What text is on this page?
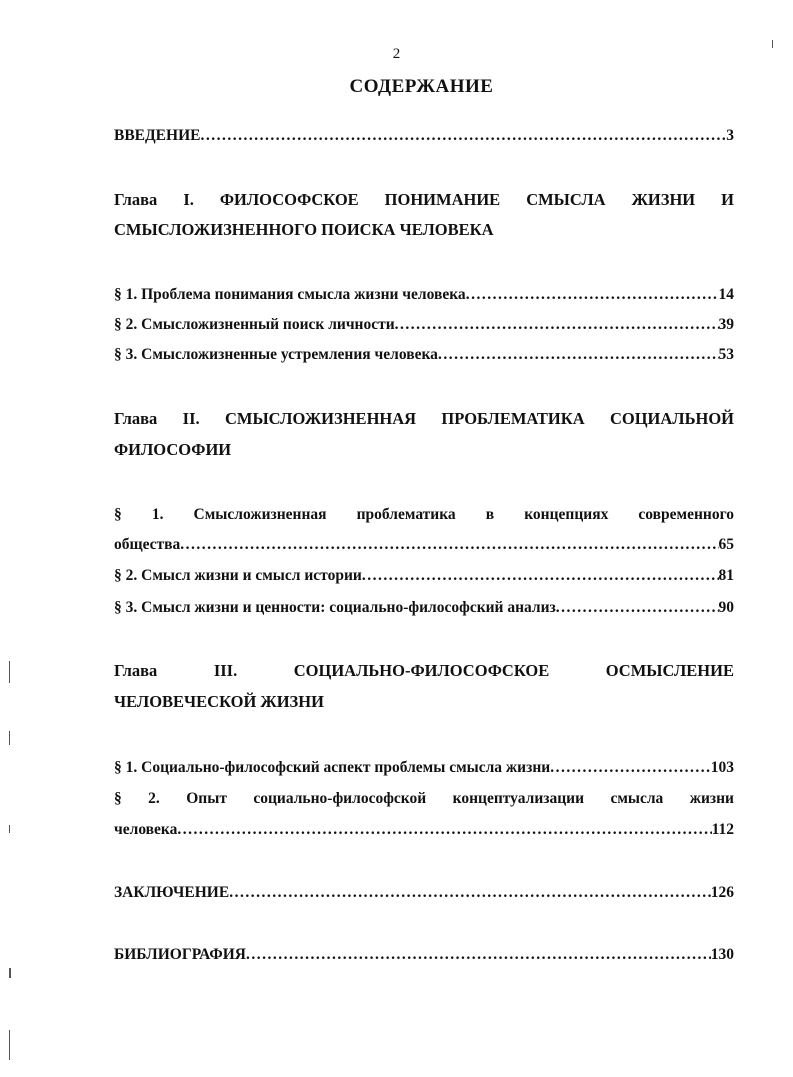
2
СОДЕРЖАНИЕ
ВВЕДЕНИЕ .....	3
Глава I. ФИЛОСОФСКОЕ ПОНИМАНИЕ СМЫСЛА ЖИЗНИ И
СМЫСЛОЖИЗНЕННОГО ПОИСКА ЧЕЛОВЕКА
§ 1. Проблема понимания смысла жизни человека .....	14
§ 2. Смысложизненный поиск личности .....	39
§ 3. Смысложизненные устремления человека .....	53
Глава II. СМЫСЛОЖИЗНЕННАЯ ПРОБЛЕМАТИКА СОЦИАЛЬНОЙ
ФИЛОСОФИИ
§ 1. Смысложизненная проблематика в концепциях современного
общества .....	65
§ 2. Смысл жизни и смысл истории .....	81
§ 3. Смысл жизни и ценности: социально-философский анализ .....	90
Глава	III.	СОЦИАЛЬНО-ФИЛОСОФСКОЕ	ОСМЫСЛЕНИЕ
ЧЕЛОВЕЧЕСКОЙ ЖИЗНИ
§ 1. Социально-философский аспект проблемы смысла жизни .....	103
§ 2. Опыт социально-философской концептуализации смысла жизни
человека .....	112
ЗАКЛЮЧЕНИЕ .....	126
БИБЛИОГРАФИЯ .....	130
